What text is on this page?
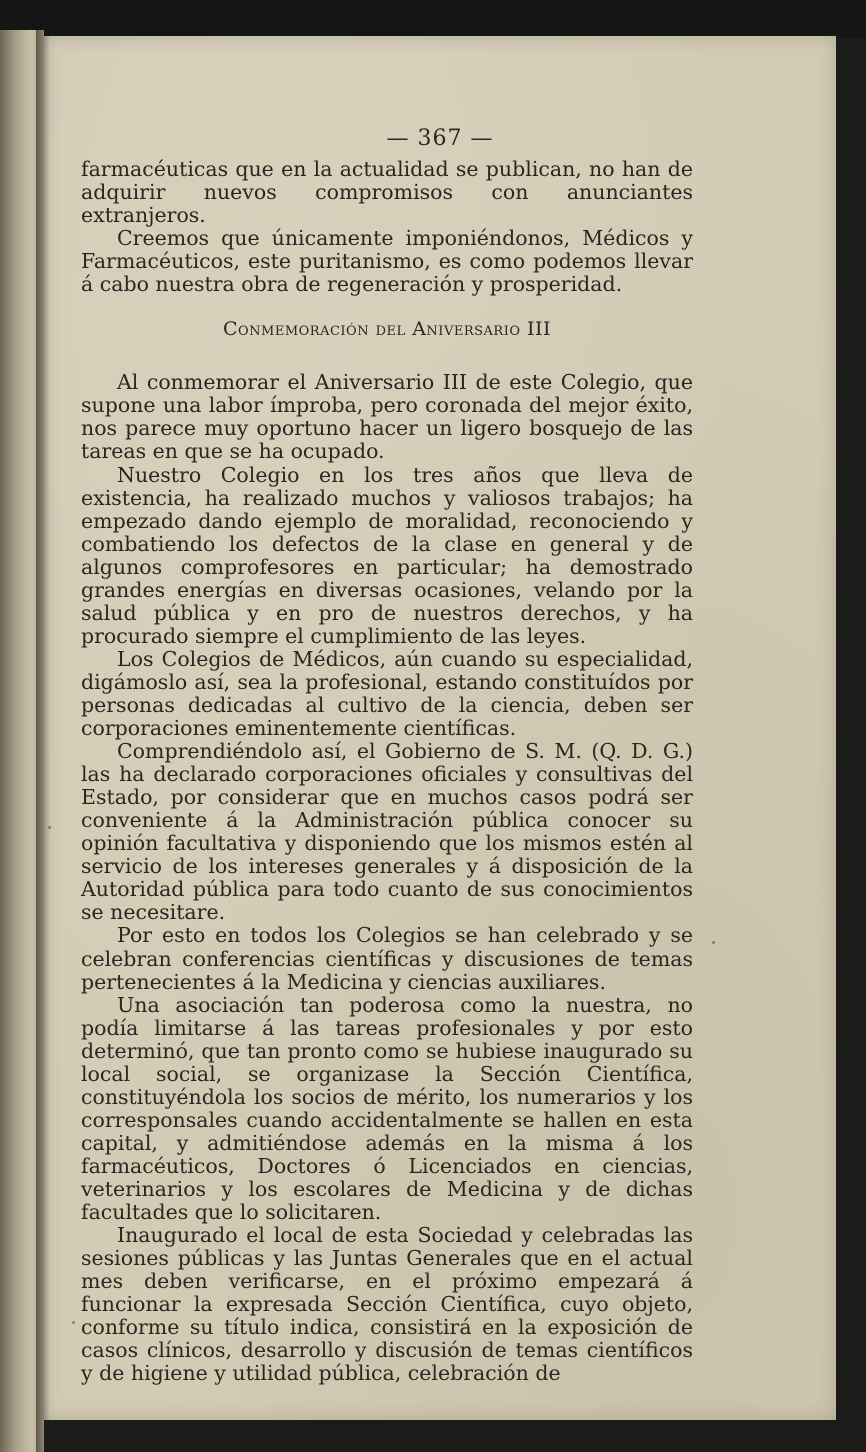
— 367 —

farmacéuticas que en la actualidad se publican, no han de adquirir nuevos compromisos con anunciantes extranjeros.

Creemos que únicamente imponiéndonos, Médicos y Farmacéuticos, este puritanismo, es como podemos llevar á cabo nuestra obra de regeneración y prosperidad.

Conmemoración del Aniversario III

Al conmemorar el Aniversario III de este Colegio, que supone una labor ímproba, pero coronada del mejor éxito, nos parece muy oportuno hacer un ligero bosquejo de las tareas en que se ha ocupado.

Nuestro Colegio en los tres años que lleva de existencia, ha realizado muchos y valiosos trabajos; ha empezado dando ejemplo de moralidad, reconociendo y combatiendo los defectos de la clase en general y de algunos comprofesores en particular; ha demostrado grandes energías en diversas ocasiones, velando por la salud pública y en pro de nuestros derechos, y ha procurado siempre el cumplimiento de las leyes.

Los Colegios de Médicos, aún cuando su especialidad, digámoslo así, sea la profesional, estando constituídos por personas dedicadas al cultivo de la ciencia, deben ser corporaciones eminentemente científicas.

Comprendiéndolo así, el Gobierno de S. M. (Q. D. G.) las ha declarado corporaciones oficiales y consultivas del Estado, por considerar que en muchos casos podrá ser conveniente á la Administración pública conocer su opinión facultativa y disponiendo que los mismos estén al servicio de los intereses generales y á disposición de la Autoridad pública para todo cuanto de sus conocimientos se necesitare.

Por esto en todos los Colegios se han celebrado y se celebran conferencias científicas y discusiones de temas pertenecientes á la Medicina y ciencias auxiliares.

Una asociación tan poderosa como la nuestra, no podía limitarse á las tareas profesionales y por esto determinó, que tan pronto como se hubiese inaugurado su local social, se organizase la Sección Científica, constituyéndola los socios de mérito, los numerarios y los corresponsales cuando accidentalmente se hallen en esta capital, y admitiéndose además en la misma á los farmacéuticos, Doctores ó Licenciados en ciencias, veterinarios y los escolares de Medicina y de dichas facultades que lo solicitaren.

Inaugurado el local de esta Sociedad y celebradas las sesiones públicas y las Juntas Generales que en el actual mes deben verificarse, en el próximo empezará á funcionar la expresada Sección Científica, cuyo objeto, conforme su título indica, consistirá en la exposición de casos clínicos, desarrollo y discusión de temas científicos y de higiene y utilidad pública, celebración de
